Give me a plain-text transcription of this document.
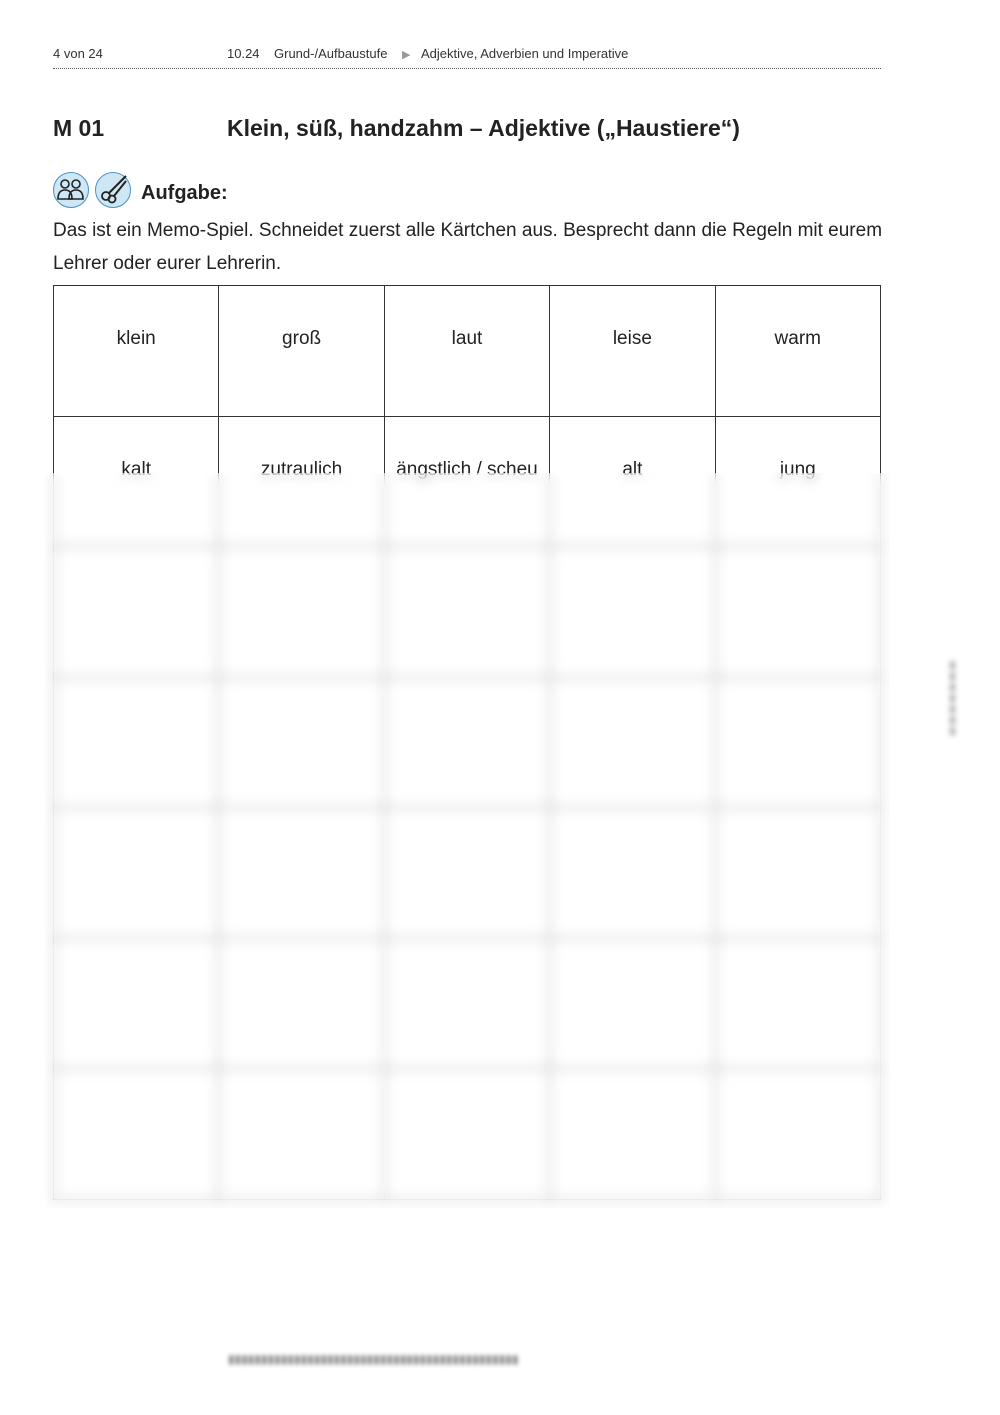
4 von 24	10.24 Grund-/Aufbaustufe ▶ Adjektive, Adverbien und Imperative
M 01	Klein, süß, handzahm – Adjektive („Haustiere“)
Aufgabe:
Das ist ein Memo-Spiel. Schneidet zuerst alle Kärtchen aus. Besprecht dann die Regeln mit eurem Lehrer oder eurer Lehrerin.
klein	groß	laut	leise	warm
kalt	zutraulich	ängstlich / scheu	alt	jung

▮▮▮▮▮▮▮
▮▮▮▮▮▮▮▮▮▮▮▮▮▮▮▮▮▮▮▮▮▮▮▮▮▮▮▮▮▮▮▮▮▮▮▮▮▮▮▮▮▮▮▮
